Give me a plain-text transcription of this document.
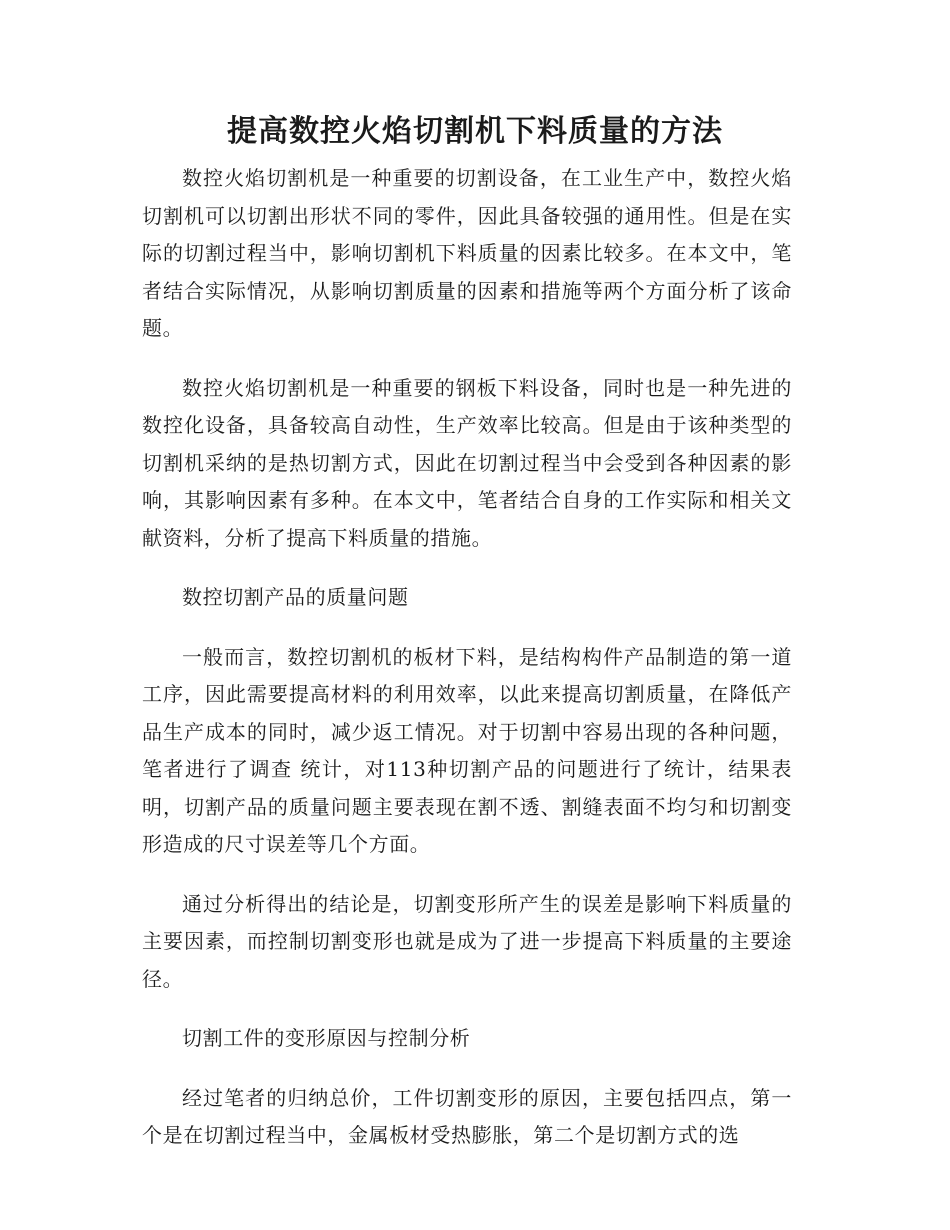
提高数控火焰切割机下料质量的方法

数控火焰切割机是一种重要的切割设备，在工业生产中，数控火焰切割机可以切割出形状不同的零件，因此具备较强的通用性。但是在实际的切割过程当中，影响切割机下料质量的因素比较多。在本文中，笔者结合实际情况，从影响切割质量的因素和措施等两个方面分析了该命题。

数控火焰切割机是一种重要的钢板下料设备，同时也是一种先进的数控化设备，具备较高自动性，生产效率比较高。但是由于该种类型的切割机采纳的是热切割方式，因此在切割过程当中会受到各种因素的影响，其影响因素有多种。在本文中，笔者结合自身的工作实际和相关文献资料，分析了提高下料质量的措施。

数控切割产品的质量问题

一般而言，数控切割机的板材下料，是结构构件产品制造的第一道工序，因此需要提高材料的利用效率，以此来提高切割质量，在降低产品生产成本的同时，减少返工情况。对于切割中容易出现的各种问题，笔者进行了调查 统计，对113种切割产品的问题进行了统计，结果表明，切割产品的质量问题主要表现在割不透、割缝表面不均匀和切割变形造成的尺寸误差等几个方面。

通过分析得出的结论是，切割变形所产生的误差是影响下料质量的主要因素，而控制切割变形也就是成为了进一步提高下料质量的主要途径。

切割工件的变形原因与控制分析

经过笔者的归纳总价，工件切割变形的原因，主要包括四点，第一个是在切割过程当中，金属板材受热膨胀，第二个是切割方式的选
